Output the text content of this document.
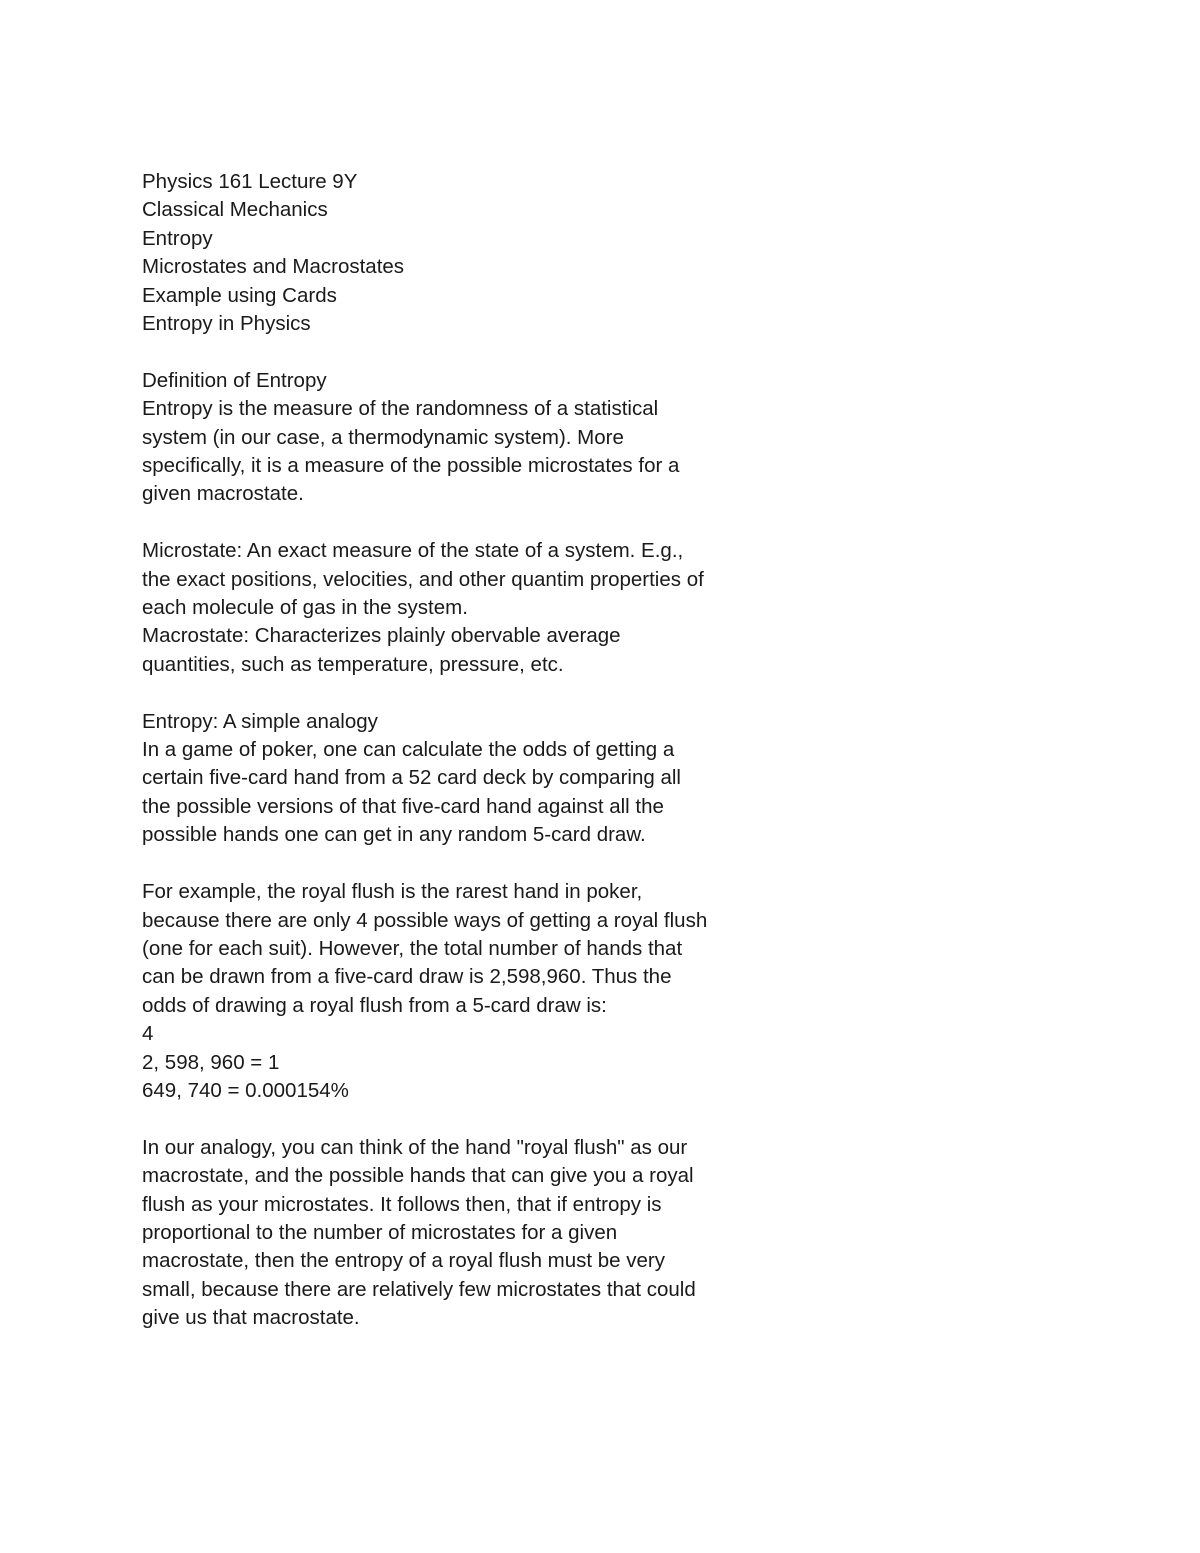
Physics 161 Lecture 9Y

Classical Mechanics

Entropy

Microstates and Macrostates

Example using Cards

Entropy in Physics

Definition of Entropy

Entropy is the measure of the randomness of a statistical

system (in our case, a thermodynamic system). More

specifically, it is a measure of the possible microstates for a

given macrostate.

Microstate: An exact measure of the state of a system. E.g.,

the exact positions, velocities, and other quantim properties of

each molecule of gas in the system.

Macrostate: Characterizes plainly obervable average

quantities, such as temperature, pressure, etc.

Entropy: A simple analogy

In a game of poker, one can calculate the odds of getting a

certain five-card hand from a 52 card deck by comparing all

the possible versions of that five-card hand against all the

possible hands one can get in any random 5-card draw.

For example, the royal flush is the rarest hand in poker,

because there are only 4 possible ways of getting a royal flush

(one for each suit). However, the total number of hands that

can be drawn from a five-card draw is 2,598,960. Thus the

odds of drawing a royal flush from a 5-card draw is:

4

2, 598, 960 = 1

649, 740 = 0.000154%

In our analogy, you can think of the hand "royal flush" as our

macrostate, and the possible hands that can give you a royal

flush as your microstates. It follows then, that if entropy is

proportional to the number of microstates for a given

macrostate, then the entropy of a royal flush must be very

small, because there are relatively few microstates that could

give us that macrostate.
